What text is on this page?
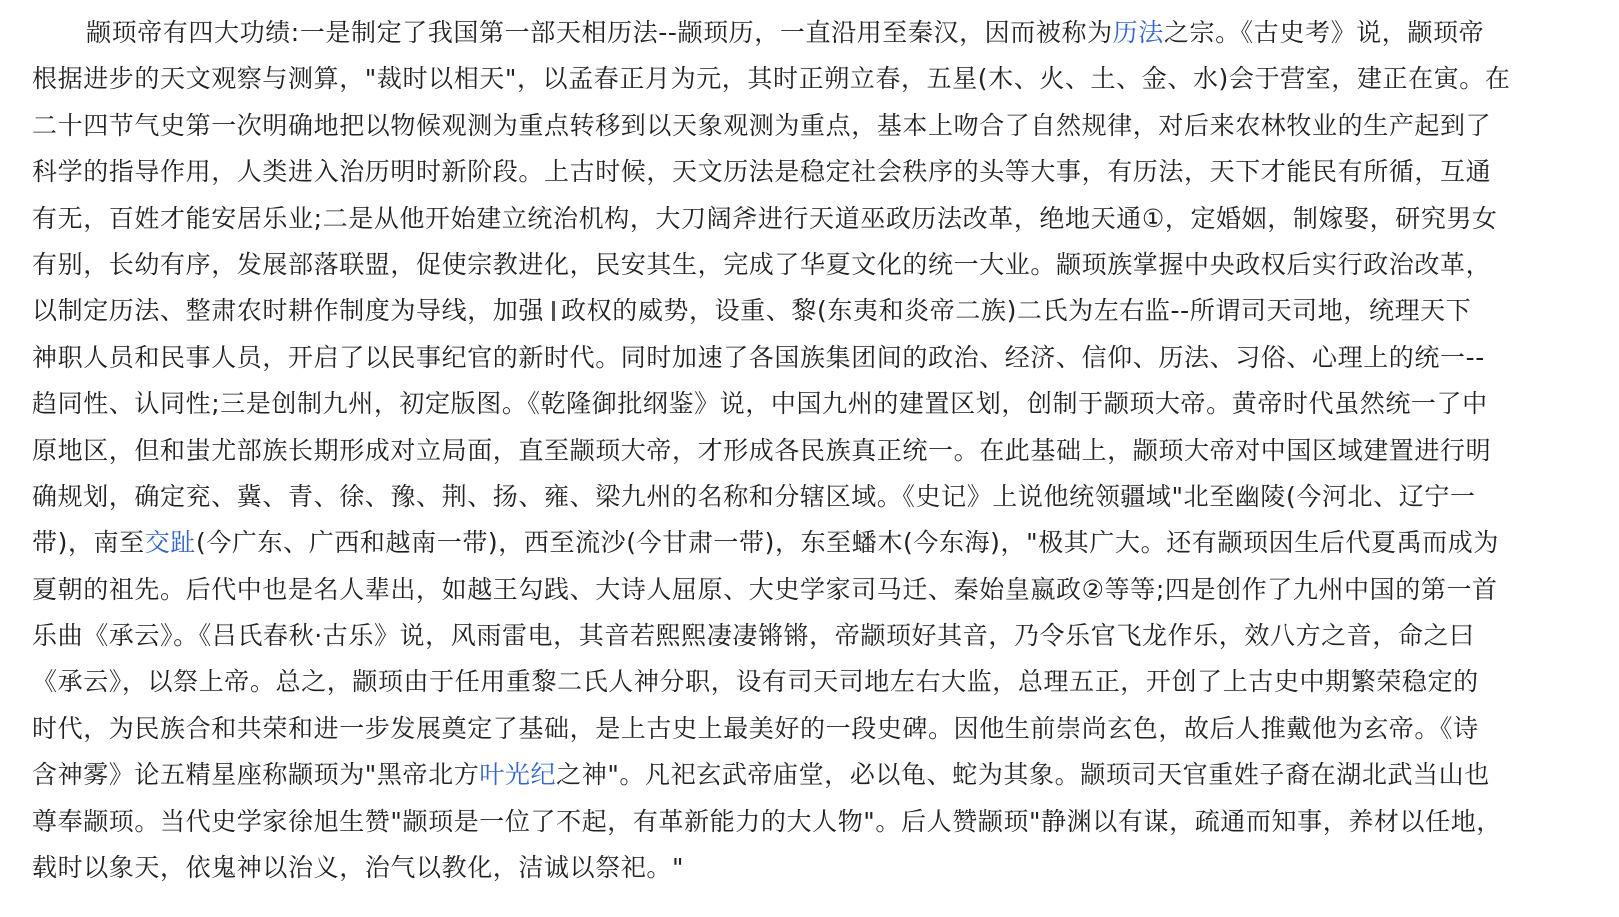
颛顼帝有四大功绩:一是制定了我国第一部天相历法--颛顼历，一直沿用至秦汉，因而被称为历法之宗。《古史考》说，颛顼帝
根据进步的天文观察与测算，"裁时以相天"，以孟春正月为元，其时正朔立春，五星(木、火、土、金、水)会于营室，建正在寅。在
二十四节气史第一次明确地把以物候观测为重点转移到以天象观测为重点，基本上吻合了自然规律，对后来农林牧业的生产起到了
科学的指导作用，人类进入治历明时新阶段。上古时候，天文历法是稳定社会秩序的头等大事，有历法，天下才能民有所循，互通
有无，百姓才能安居乐业;二是从他开始建立统治机构，大刀阔斧进行天道巫政历法改革，绝地天通①，定婚姻，制嫁娶，研究男女
有别，长幼有序，发展部落联盟，促使宗教进化，民安其生，完成了华夏文化的统一大业。颛顼族掌握中央政权后实行政治改革，
以制定历法、整肃农时耕作制度为导线，加强 政权的威势，设重、黎(东夷和炎帝二族)二氏为左右监--所谓司天司地，统理天下
神职人员和民事人员，开启了以民事纪官的新时代。同时加速了各国族集团间的政治、经济、信仰、历法、习俗、心理上的统一--
趋同性、认同性;三是创制九州，初定版图。《乾隆御批纲鉴》说，中国九州的建置区划，创制于颛顼大帝。黄帝时代虽然统一了中
原地区，但和蚩尤部族长期形成对立局面，直至颛顼大帝，才形成各民族真正统一。在此基础上，颛顼大帝对中国区域建置进行明
确规划，确定兖、冀、青、徐、豫、荆、扬、雍、梁九州的名称和分辖区域。《史记》上说他统领疆域"北至幽陵(今河北、辽宁一
带)，南至交趾(今广东、广西和越南一带)，西至流沙(今甘肃一带)，东至蟠木(今东海)，"极其广大。还有颛顼因生后代夏禹而成为
夏朝的祖先。后代中也是名人辈出，如越王勾践、大诗人屈原、大史学家司马迁、秦始皇嬴政②等等;四是创作了九州中国的第一首
乐曲《承云》。《吕氏春秋·古乐》说，风雨雷电，其音若熙熙凄凄锵锵，帝颛顼好其音，乃令乐官飞龙作乐，效八方之音，命之曰
《承云》，以祭上帝。总之，颛顼由于任用重黎二氏人神分职，设有司天司地左右大监，总理五正，开创了上古史中期繁荣稳定的
时代，为民族合和共荣和进一步发展奠定了基础，是上古史上最美好的一段史碑。因他生前崇尚玄色，故后人推戴他为玄帝。《诗
含神雾》论五精星座称颛顼为"黑帝北方叶光纪之神"。凡祀玄武帝庙堂，必以龟、蛇为其象。颛顼司天官重姓子裔在湖北武当山也
尊奉颛顼。当代史学家徐旭生赞"颛顼是一位了不起，有革新能力的大人物"。后人赞颛顼"静渊以有谋，疏通而知事，养材以任地，
载时以象天，依鬼神以治义，治气以教化，洁诚以祭祀。"
